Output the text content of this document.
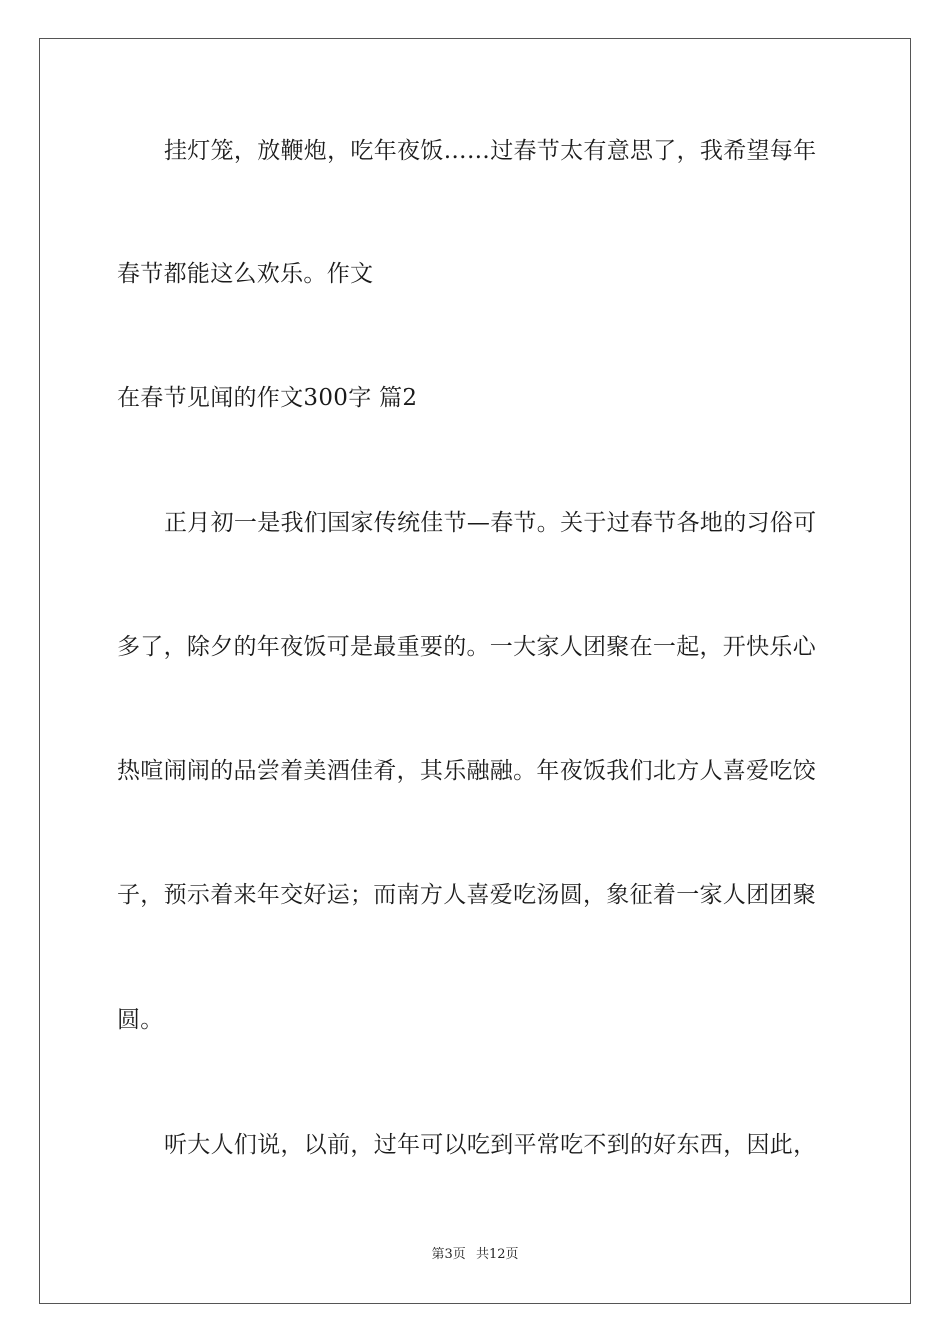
挂灯笼，放鞭炮，吃年夜饭……过春节太有意思了，我希望每年
春节都能这么欢乐。作文
在春节见闻的作文300字 篇2
正月初一是我们国家传统佳节—春节。关于过春节各地的习俗可
多了，除夕的年夜饭可是最重要的。一大家人团聚在一起，开快乐心
热喧闹闹的品尝着美酒佳肴，其乐融融。年夜饭我们北方人喜爱吃饺
子，预示着来年交好运；而南方人喜爱吃汤圆，象征着一家人团团聚
圆。
听大人们说，以前，过年可以吃到平常吃不到的好东西，因此，
第3页 共12页
